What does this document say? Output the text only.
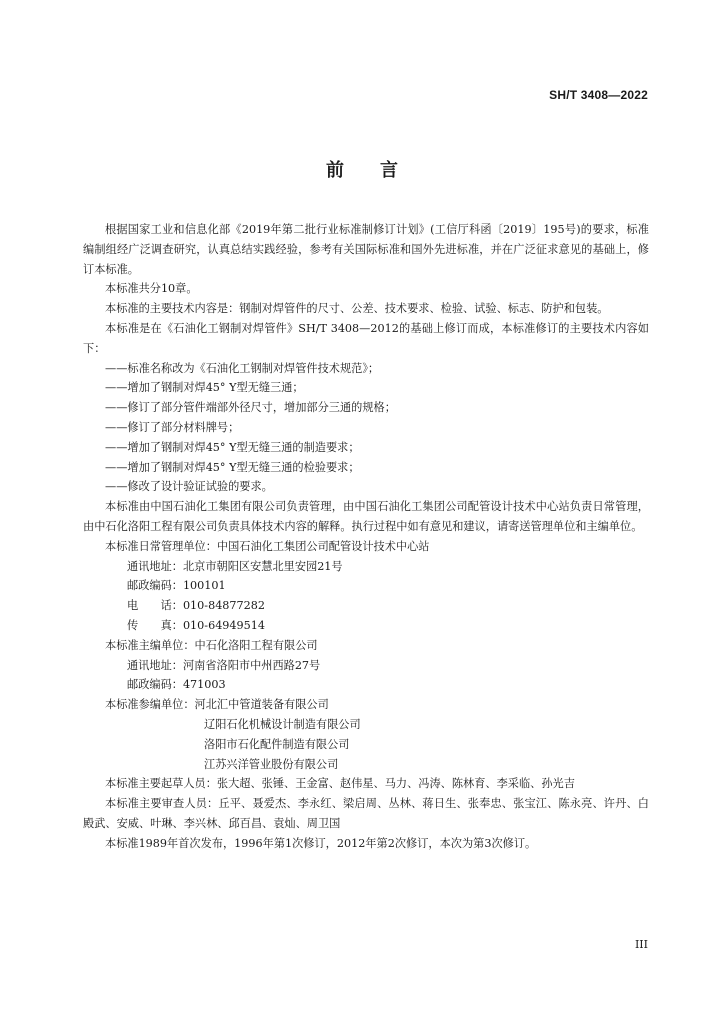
SH/T 3408—2022
前言

根据国家工业和信息化部《2019年第二批行业标准制修订计划》(工信厅科函〔2019〕195号)的要求，标准编制组经广泛调查研究，认真总结实践经验，参考有关国际标准和国外先进标准，并在广泛征求意见的基础上，修订本标准。

本标准共分10章。

本标准的主要技术内容是：钢制对焊管件的尺寸、公差、技术要求、检验、试验、标志、防护和包装。

本标准是在《石油化工钢制对焊管件》SH/T 3408—2012的基础上修订而成，本标准修订的主要技术内容如下：

——标准名称改为《石油化工钢制对焊管件技术规范》；

——增加了钢制对焊45° Y型无缝三通；

——修订了部分管件端部外径尺寸，增加部分三通的规格；

——修订了部分材料牌号；

——增加了钢制对焊45° Y型无缝三通的制造要求；

——增加了钢制对焊45° Y型无缝三通的检验要求；

——修改了设计验证试验的要求。

本标准由中国石油化工集团有限公司负责管理，由中国石油化工集团公司配管设计技术中心站负责日常管理，由中石化洛阳工程有限公司负责具体技术内容的解释。执行过程中如有意见和建议，请寄送管理单位和主编单位。

本标准日常管理单位：中国石油化工集团公司配管设计技术中心站

通讯地址：北京市朝阳区安慧北里安园21号

邮政编码：100101

电　　话：010-84877282

传　　真：010-64949514

本标准主编单位：中石化洛阳工程有限公司

通讯地址：河南省洛阳市中州西路27号

邮政编码：471003

本标准参编单位：河北汇中管道装备有限公司

辽阳石化机械设计制造有限公司

洛阳市石化配件制造有限公司

江苏兴洋管业股份有限公司

本标准主要起草人员：张大超、张锤、王金富、赵伟星、马力、冯涛、陈林育、李采临、孙光吉

本标准主要审查人员：丘平、聂爱杰、李永红、梁启周、丛林、蒋日生、张奉忠、张宝江、陈永亮、许丹、白殿武、安威、叶琳、李兴林、邱百昌、袁灿、周卫国

本标准1989年首次发布，1996年第1次修订，2012年第2次修订，本次为第3次修订。

III
